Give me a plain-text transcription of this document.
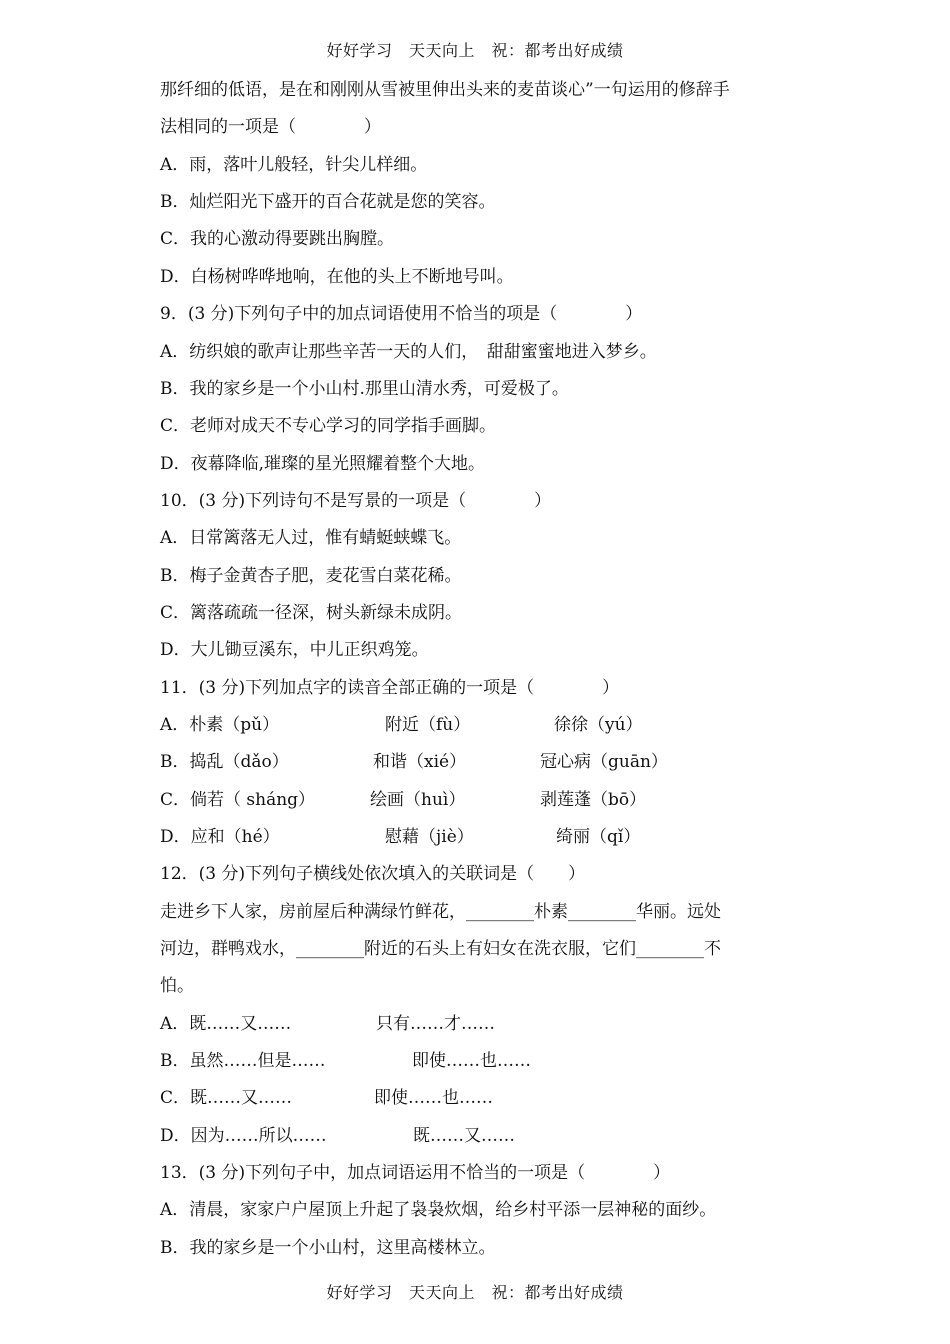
好好学习　天天向上　祝：都考出好成绩
那纤细的低语，是在和刚刚从雪被里伸出头来的麦苗谈心”一句运用的修辞手
法相同的一项是（　　　　）
A．雨，落叶儿般轻，针尖儿样细。
B．灿烂阳光下盛开的百合花就是您的笑容。
C．我的心激动得要跳出胸膛。
D．白杨树哗哗地响，在他的头上不断地号叫。
9．(3 分)下列句子中的加点词语使用不恰当的项是（　　　　）
A．纺织娘的歌声让那些辛苦一天的人们，　甜甜蜜蜜地进入梦乡。
B．我的家乡是一个小山村.那里山清水秀，可爱极了。
C．老师对成天不专心学习的同学指手画脚。
D．夜幕降临,璀璨的星光照耀着整个大地。
10．(3 分)下列诗句不是写景的一项是（　　　　）
A．日常篱落无人过，惟有蜻蜓蛱蝶飞。
B．梅子金黄杏子肥，麦花雪白菜花稀。
C．篱落疏疏一径深，树头新绿未成阴。
D．大儿锄豆溪东，中儿正织鸡笼。
11．(3 分)下列加点字的读音全部正确的一项是（　　　　）
A．朴素（pǔ）	附近（fù）	徐徐（yú）
B．捣乱（dǎo）	和谐（xié）	冠心病（guān）
C．倘若（ sháng）	绘画（huì）	剥莲蓬（bō）
D．应和（hé）	慰藉（jiè）	绮丽（qǐ）
12．(3 分)下列句子横线处依次填入的关联词是（　　）
走进乡下人家，房前屋后种满绿竹鲜花，________朴素________华丽。远处
河边，群鸭戏水，________附近的石头上有妇女在洗衣服，它们________不
怕。
A．既……又……	只有……才……
B．虽然……但是……	即使……也……
C．既……又……	即使……也……
D．因为……所以……	既……又……
13．(3 分)下列句子中，加点词语运用不恰当的一项是（　　　　）
A．清晨，家家户户屋顶上升起了袅袅炊烟，给乡村平添一层神秘的面纱。
B．我的家乡是一个小山村，这里高楼林立。
好好学习　天天向上　祝：都考出好成绩
